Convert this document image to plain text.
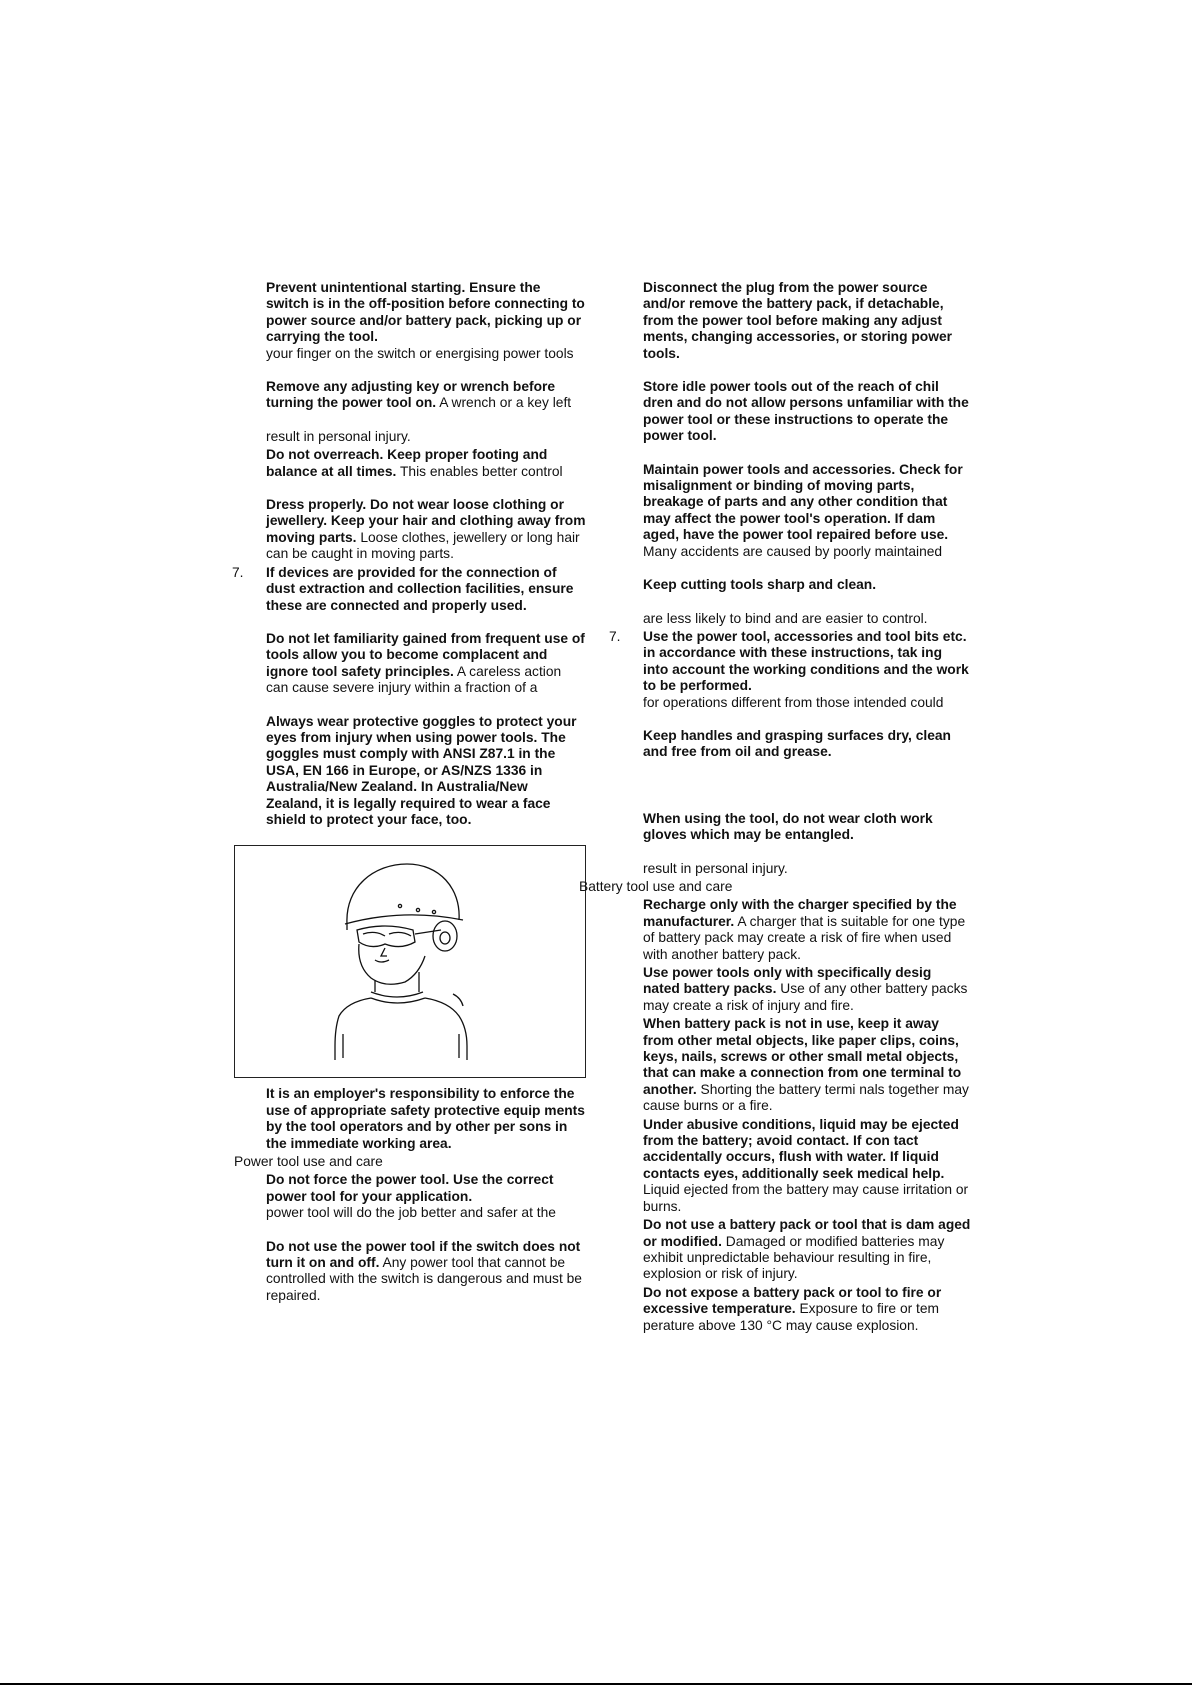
Prevent unintentional starting. Ensure the switch is in the off-position before connecting to power source and/or battery pack, picking up or carrying the tool.
your finger on the switch or energising power tools
Remove any adjusting key or wrench before turning the power tool on. A wrench or a key left
result in personal injury.
Do not overreach. Keep proper footing and balance at all times. This enables better control
Dress properly. Do not wear loose clothing or jewellery. Keep your hair and clothing away from moving parts. Loose clothes, jewellery or long hair can be caught in moving parts.
7. If devices are provided for the connection of dust extraction and collection facilities, ensure these are connected and properly used.
Do not let familiarity gained from frequent use of tools allow you to become complacent and ignore tool safety principles. A careless action can cause severe injury within a fraction of a
Always wear protective goggles to protect your eyes from injury when using power tools. The goggles must comply with ANSI Z87.1 in the USA, EN 166 in Europe, or AS/NZS 1336 in Australia/New Zealand. In Australia/New Zealand, it is legally required to wear a face shield to protect your face, too.
It is an employer's responsibility to enforce the use of appropriate safety protective equip ments by the tool operators and by other per sons in the immediate working area.
Power tool use and care
Do not force the power tool. Use the correct power tool for your application.
power tool will do the job better and safer at the
Do not use the power tool if the switch does not turn it on and off. Any power tool that cannot be controlled with the switch is dangerous and must be repaired.
Disconnect the plug from the power source and/or remove the battery pack, if detachable, from the power tool before making any adjust ments, changing accessories, or storing power tools.
Store idle power tools out of the reach of chil dren and do not allow persons unfamiliar with the power tool or these instructions to operate the power tool.
Maintain power tools and accessories. Check for misalignment or binding of moving parts, breakage of parts and any other condition that may affect the power tool's operation. If dam aged, have the power tool repaired before use. Many accidents are caused by poorly maintained
Keep cutting tools sharp and clean.
are less likely to bind and are easier to control.
7. Use the power tool, accessories and tool bits etc. in accordance with these instructions, tak ing into account the working conditions and the work to be performed.
for operations different from those intended could
Keep handles and grasping surfaces dry, clean and free from oil and grease.
When using the tool, do not wear cloth work gloves which may be entangled.
result in personal injury.
Battery tool use and care
Recharge only with the charger specified by the manufacturer. A charger that is suitable for one type of battery pack may create a risk of fire when used with another battery pack.
Use power tools only with specifically desig nated battery packs. Use of any other battery packs may create a risk of injury and fire.
When battery pack is not in use, keep it away from other metal objects, like paper clips, coins, keys, nails, screws or other small metal objects, that can make a connection from one terminal to another. Shorting the battery termi nals together may cause burns or a fire.
Under abusive conditions, liquid may be ejected from the battery; avoid contact. If con tact accidentally occurs, flush with water. If liquid contacts eyes, additionally seek medical help. Liquid ejected from the battery may cause irritation or burns.
Do not use a battery pack or tool that is dam aged or modified. Damaged or modified batteries may exhibit unpredictable behaviour resulting in fire, explosion or risk of injury.
Do not expose a battery pack or tool to fire or excessive temperature. Exposure to fire or tem perature above 130 °C may cause explosion.
